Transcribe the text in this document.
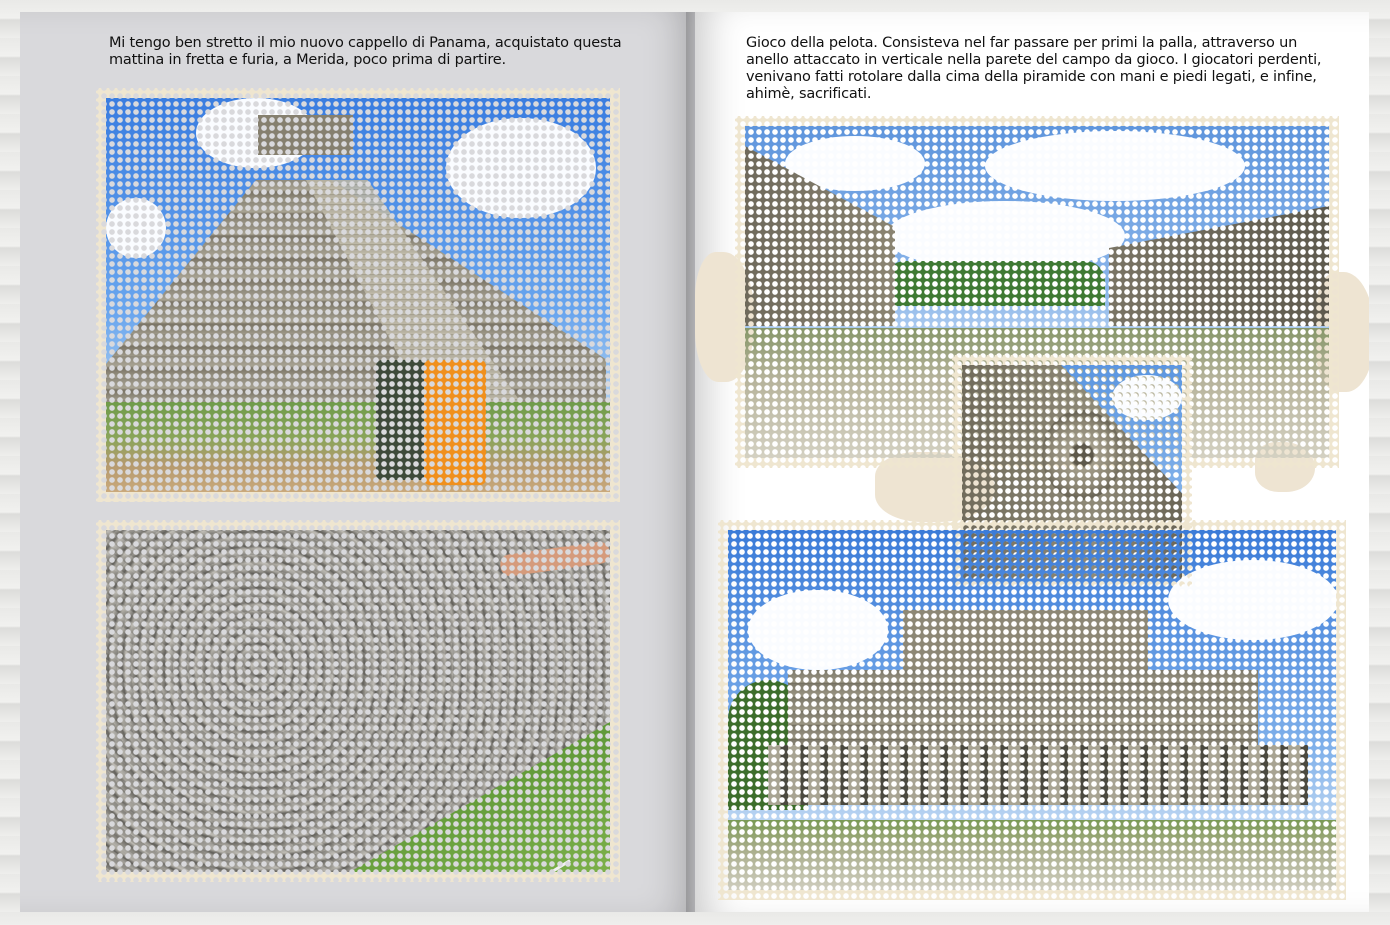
Mi tengo ben stretto il mio nuovo cappello di Panama, acquistato questa mattina in fretta e furia, a Merida, poco prima di partire.

Gioco della pelota. Consisteva nel far passare per primi la palla, attraverso un anello attaccato in verticale nella parete del campo da gioco. I giocatori perdenti, venivano fatti rotolare dalla cima della piramide con mani e piedi legati, e infine, ahimè, sacrificati.
